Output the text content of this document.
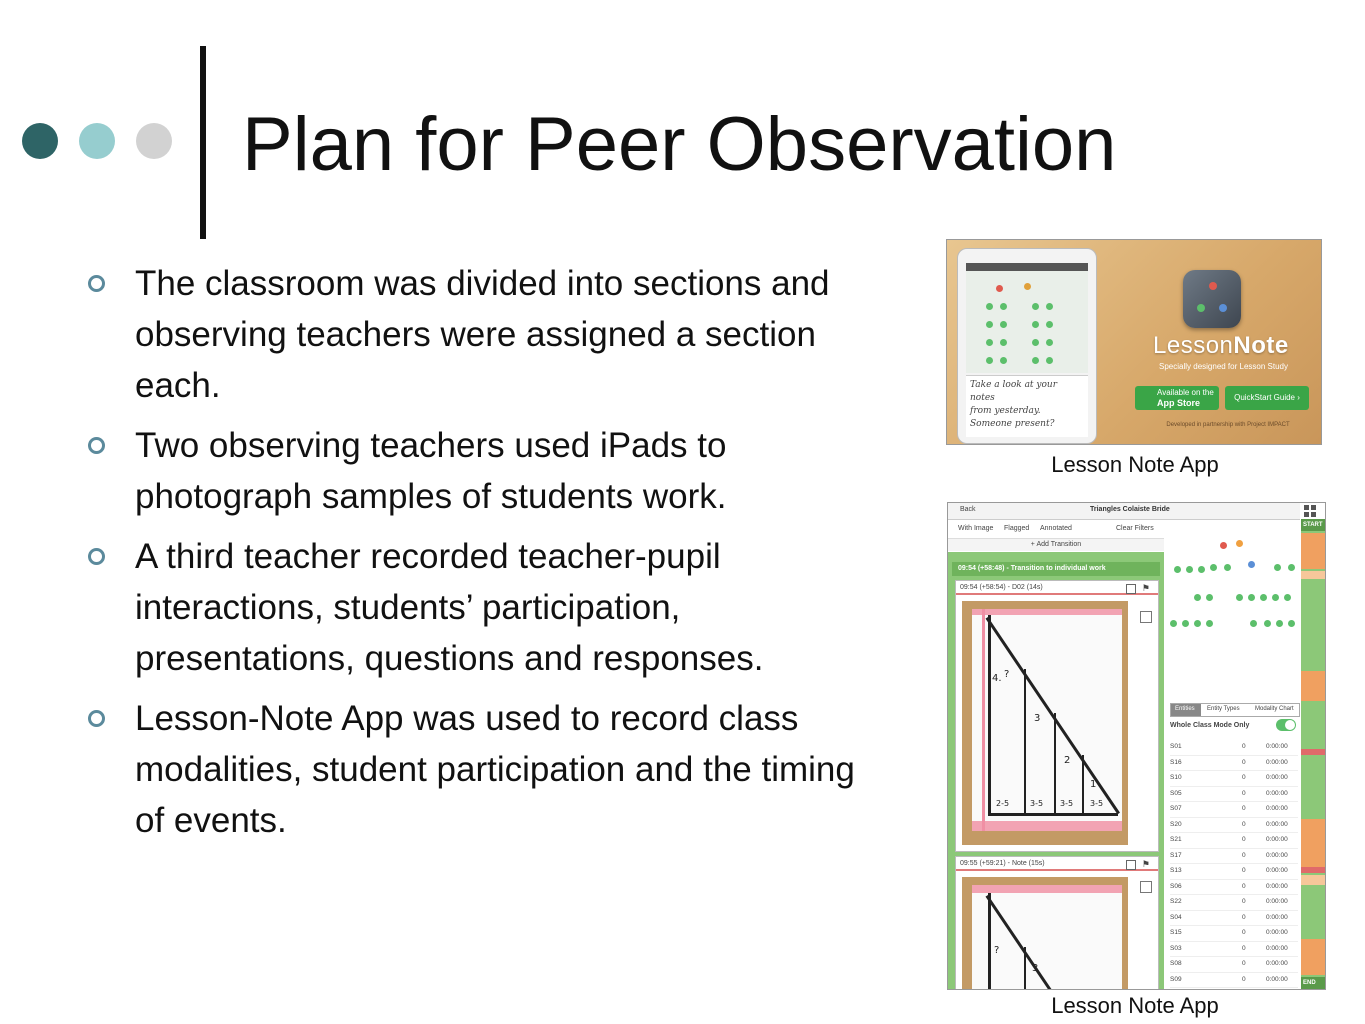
Plan for Peer Observation
The classroom was divided into sections and observing teachers were assigned a section each.
Two observing teachers used iPads to photograph samples of students work.
A third teacher recorded teacher-pupil interactions, students’ participation, presentations, questions and responses.
Lesson-Note App was used to record class modalities, student participation and the timing of events.
Take a look at your notes
from yesterday.
Someone present?
LessonNote
Specially designed for Lesson Study
Available on the
App Store
QuickStart Guide ›
Developed in partnership with Project IMPACT
Lesson Note App
Back	Triangles Colaiste Bride
With Image Flagged Annotated	Clear Filters
+ Add Transition
09:54 (+58:48) - Transition to individual work
09:54 (+58:54) - D02 (14s)	⚑
4. ?
3
2
1
2-5	3-5 3-5 3-5
09:55 (+59:21) - Note (15s)	⚑
?
3
Entities Entity Types	Modality Chart
Whole Class Mode Only
S01	0	0:00:00
S16	0	0:00:00
S10	0	0:00:00
S05	0	0:00:00
S07	0	0:00:00
S20	0	0:00:00
S21	0	0:00:00
S17	0	0:00:00
S13	0	0:00:00
S06	0	0:00:00
S22	0	0:00:00
S04	0	0:00:00
S15	0	0:00:00
S03	0	0:00:00
S08	0	0:00:00
S09	0	0:00:00
START
END
Lesson Note App
